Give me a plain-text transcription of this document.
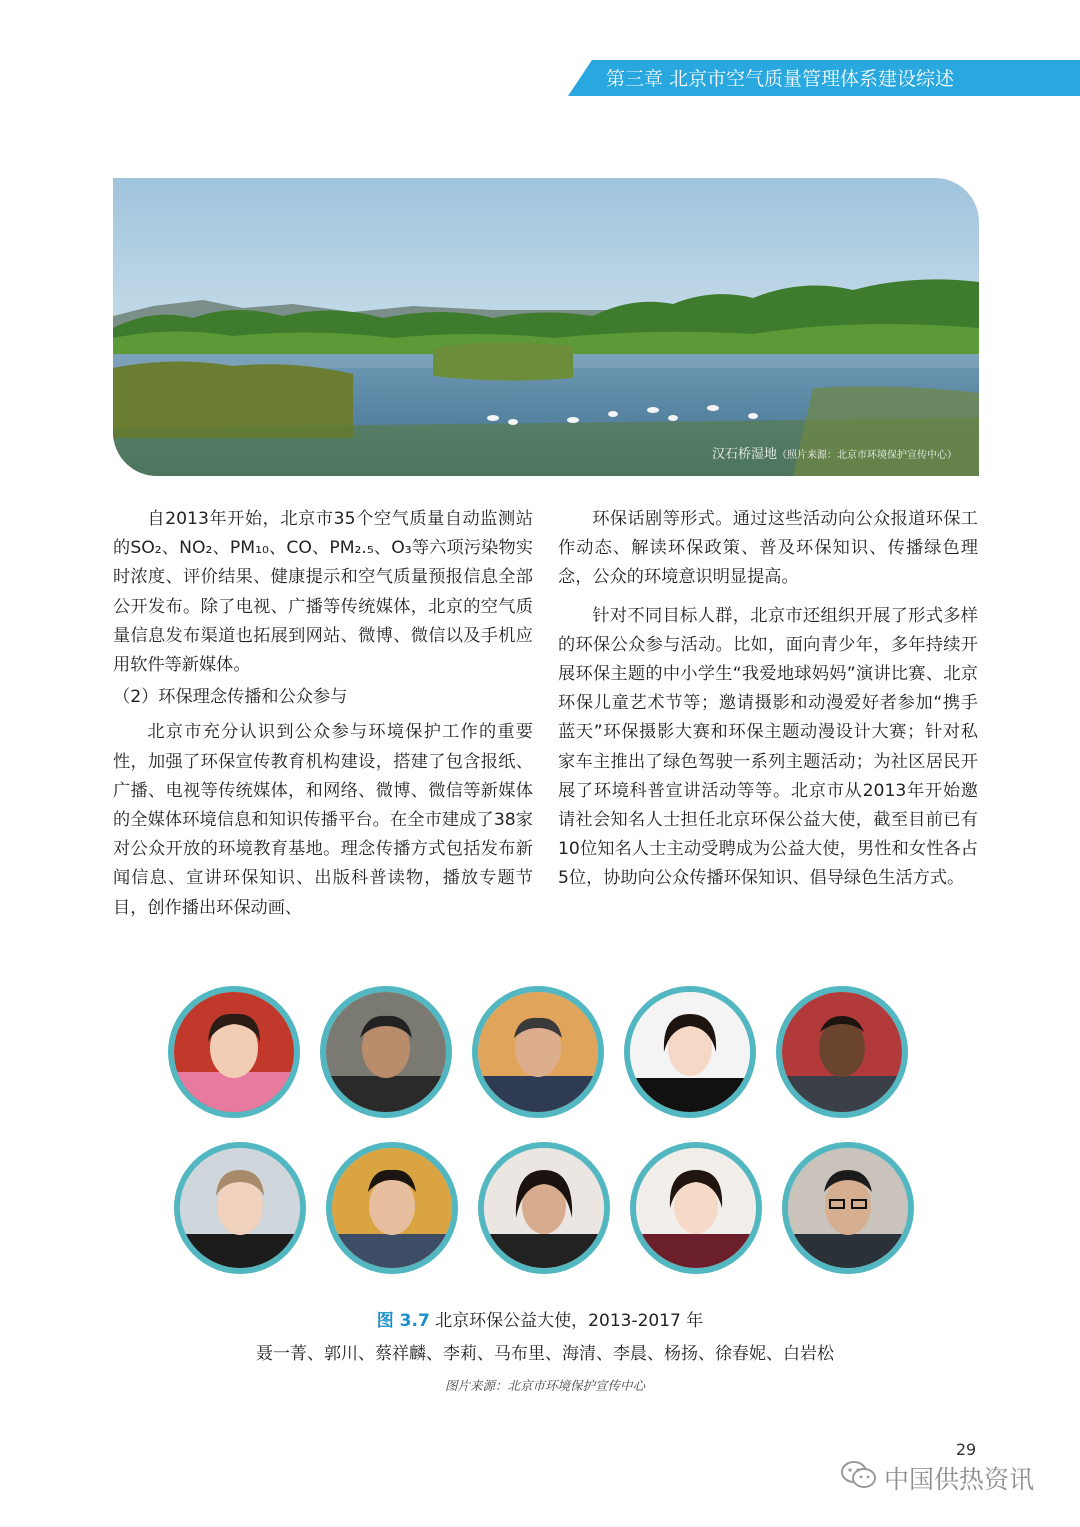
第三章 北京市空气质量管理体系建设综述
汉石桥湿地（照片来源：北京市环境保护宣传中心）

自2013年开始，北京市35个空气质量自动监测站的SO₂、NO₂、PM₁₀、CO、PM₂.₅、O₃等六项污染物实时浓度、评价结果、健康提示和空气质量预报信息全部公开发布。除了电视、广播等传统媒体，北京的空气质量信息发布渠道也拓展到网站、微博、微信以及手机应用软件等新媒体。

（2）环保理念传播和公众参与

北京市充分认识到公众参与环境保护工作的重要性，加强了环保宣传教育机构建设，搭建了包含报纸、广播、电视等传统媒体，和网络、微博、微信等新媒体的全媒体环境信息和知识传播平台。在全市建成了38家对公众开放的环境教育基地。理念传播方式包括发布新闻信息、宣讲环保知识、出版科普读物，播放专题节目，创作播出环保动画、

环保话剧等形式。通过这些活动向公众报道环保工作动态、解读环保政策、普及环保知识、传播绿色理念，公众的环境意识明显提高。

针对不同目标人群，北京市还组织开展了形式多样的环保公众参与活动。比如，面向青少年，多年持续开展环保主题的中小学生“我爱地球妈妈”演讲比赛、北京环保儿童艺术节等；邀请摄影和动漫爱好者参加“携手蓝天”环保摄影大赛和环保主题动漫设计大赛；针对私家车主推出了绿色驾驶一系列主题活动；为社区居民开展了环境科普宣讲活动等等。北京市从2013年开始邀请社会知名人士担任北京环保公益大使，截至目前已有10位知名人士主动受聘成为公益大使，男性和女性各占5位，协助向公众传播环保知识、倡导绿色生活方式。

图 3.7 北京环保公益大使，2013-2017 年
聂一菁、郭川、蔡祥麟、李莉、马布里、海清、李晨、杨扬、徐春妮、白岩松
图片来源：北京市环境保护宣传中心
29
中国供热资讯
